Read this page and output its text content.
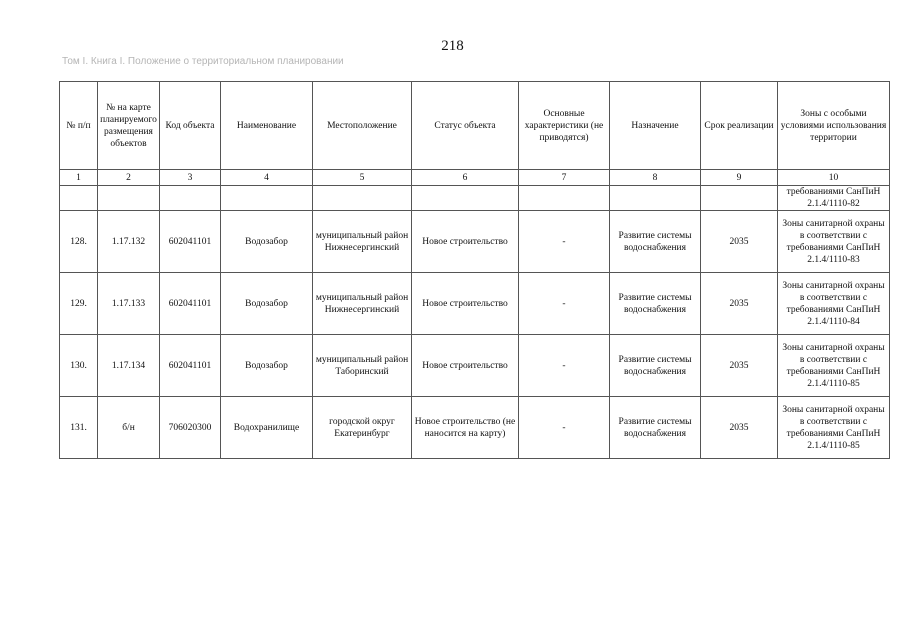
218
Том I. Книга I. Положение о территориальном планировании
№ п/п	№ на карте планируемого размещения объектов	Код объекта	Наименование	Местоположение	Статус объекта	Основные характеристики (не приводятся)	Назначение	Срок реализации	Зоны с особыми условиями использования территории
1	2	3	4	5	6	7	8	9	10
									требованиями СанПиН 2.1.4/1110-82
128.	1.17.132	602041101	Водозабор	муниципальный район Нижнесергинский	Новое строительство	-	Развитие системы водоснабжения	2035	Зоны санитарной охраны в соответствии с требованиями СанПиН 2.1.4/1110-83
129.	1.17.133	602041101	Водозабор	муниципальный район Нижнесергинский	Новое строительство	-	Развитие системы водоснабжения	2035	Зоны санитарной охраны в соответствии с требованиями СанПиН 2.1.4/1110-84
130.	1.17.134	602041101	Водозабор	муниципальный район Таборинский	Новое строительство	-	Развитие системы водоснабжения	2035	Зоны санитарной охраны в соответствии с требованиями СанПиН 2.1.4/1110-85
131.	б/н	706020300	Водохранилище	городской округ Екатеринбург	Новое строительство (не наносится на карту)	-	Развитие системы водоснабжения	2035	Зоны санитарной охраны в соответствии с требованиями СанПиН 2.1.4/1110-85
